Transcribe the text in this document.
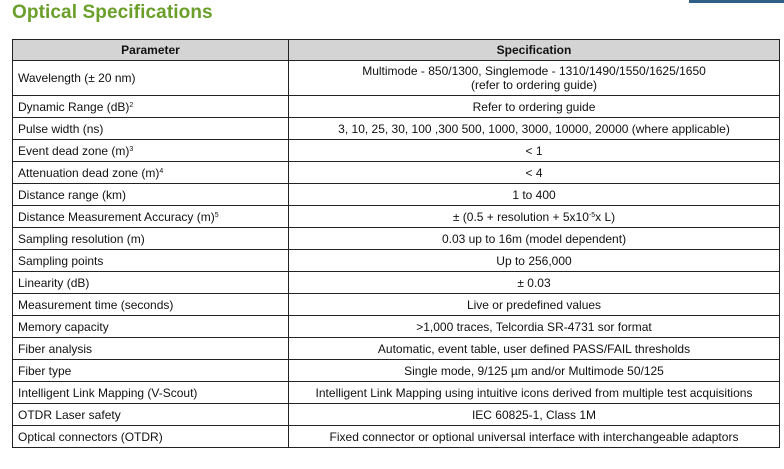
Optical Specifications
Parameter	Specification
Wavelength (± 20 nm)	Multimode - 850/1300, Singlemode - 1310/1490/1550/1625/1650
(refer to ordering guide)

Dynamic Range (dB)$^2$	Refer to ordering guide
Pulse width (ns)	3, 10, 25, 30, 100 ,300 500, 1000, 3000, 10000, 20000 (where applicable)
Event dead zone $(m)^3$	< 1
Attenuation dead zone $(m)^4$	< 4
Distance range (km)	1 to 400
Distance Measurement Accuracy $(m)^5$	± (0.5 + resolution + $5x10^{-5}x$ L)
Sampling resolution (m)	0.03 up to 16m (model dependent)
Sampling points	Up to 256,000
Linearity (dB)	± 0.03
Measurement time (seconds)	Live or predefined values
Memory capacity	>1,000 traces, Telcordia SR-4731 sor format
Fiber analysis	Automatic, event table, user defined PASS/FAIL thresholds
Fiber type	Single mode, 9/125 µm and/or Multimode 50/125
Intelligent Link Mapping (V-Scout)	Intelligent Link Mapping using intuitive icons derived from multiple test acquisitions
OTDR Laser safety	IEC 60825-1, Class 1M
Optical connectors (OTDR)	Fixed connector or optional universal interface with interchangeable adaptors
